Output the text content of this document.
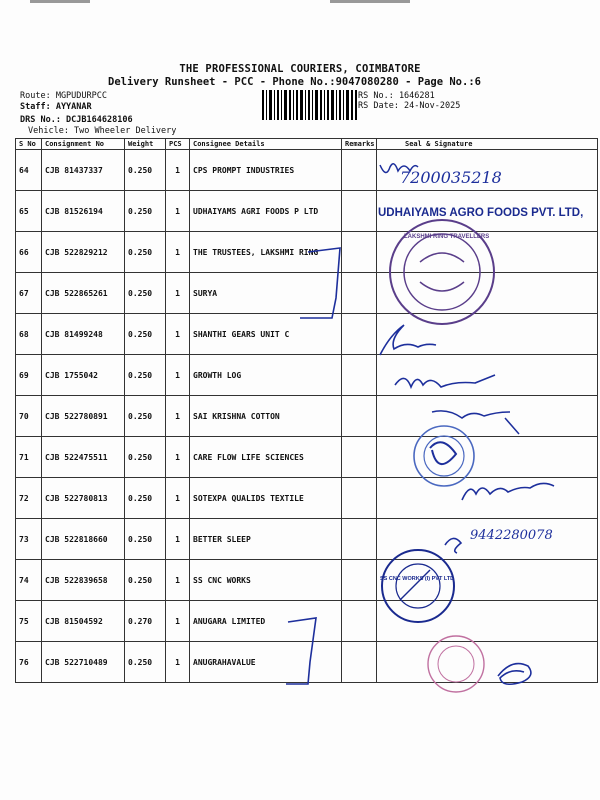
THE PROFESSIONAL COURIERS, COIMBATORE
Delivery Runsheet - PCC - Phone No.:9047080280 - Page No.:6
Route: MGPUDURPCC
Staff: AYYANAR
DRS No.: DCJB164628106
Vehicle: Two Wheeler Delivery
RS No.: 1646281
RS Date: 24-Nov-2025
S No	Consignment No	Weight	PCS	Consignee Details	Remarks	Seal & Signature
64	CJB 81437337	0.250	1	CPS PROMPT INDUSTRIES		
65	CJB 81526194	0.250	1	UDHAIYAMS AGRI FOODS P LTD		
66	CJB 522829212	0.250	1	THE TRUSTEES, LAKSHMI RING		
67	CJB 522865261	0.250	1	SURYA		
68	CJB 81499248	0.250	1	SHANTHI GEARS UNIT C		
69	CJB 1755042	0.250	1	GROWTH LOG		
70	CJB 522780891	0.250	1	SAI KRISHNA COTTON		
71	CJB 522475511	0.250	1	CARE FLOW LIFE SCIENCES		
72	CJB 522780813	0.250	1	SOTEXPA QUALIDS TEXTILE		
73	CJB 522818660	0.250	1	BETTER SLEEP		
74	CJB 522839658	0.250	1	SS CNC WORKS		
75	CJB 81504592	0.270	1	ANUGARA LIMITED		
76	CJB 522710489	0.250	1	ANUGRAHAVALUE		
7200035218
UDHAIYAMS AGRO FOODS PVT. LTD,
LAKSHMI RING TRAVELLERS
9442280078
SS CNC WORKS (I) PVT LTD
